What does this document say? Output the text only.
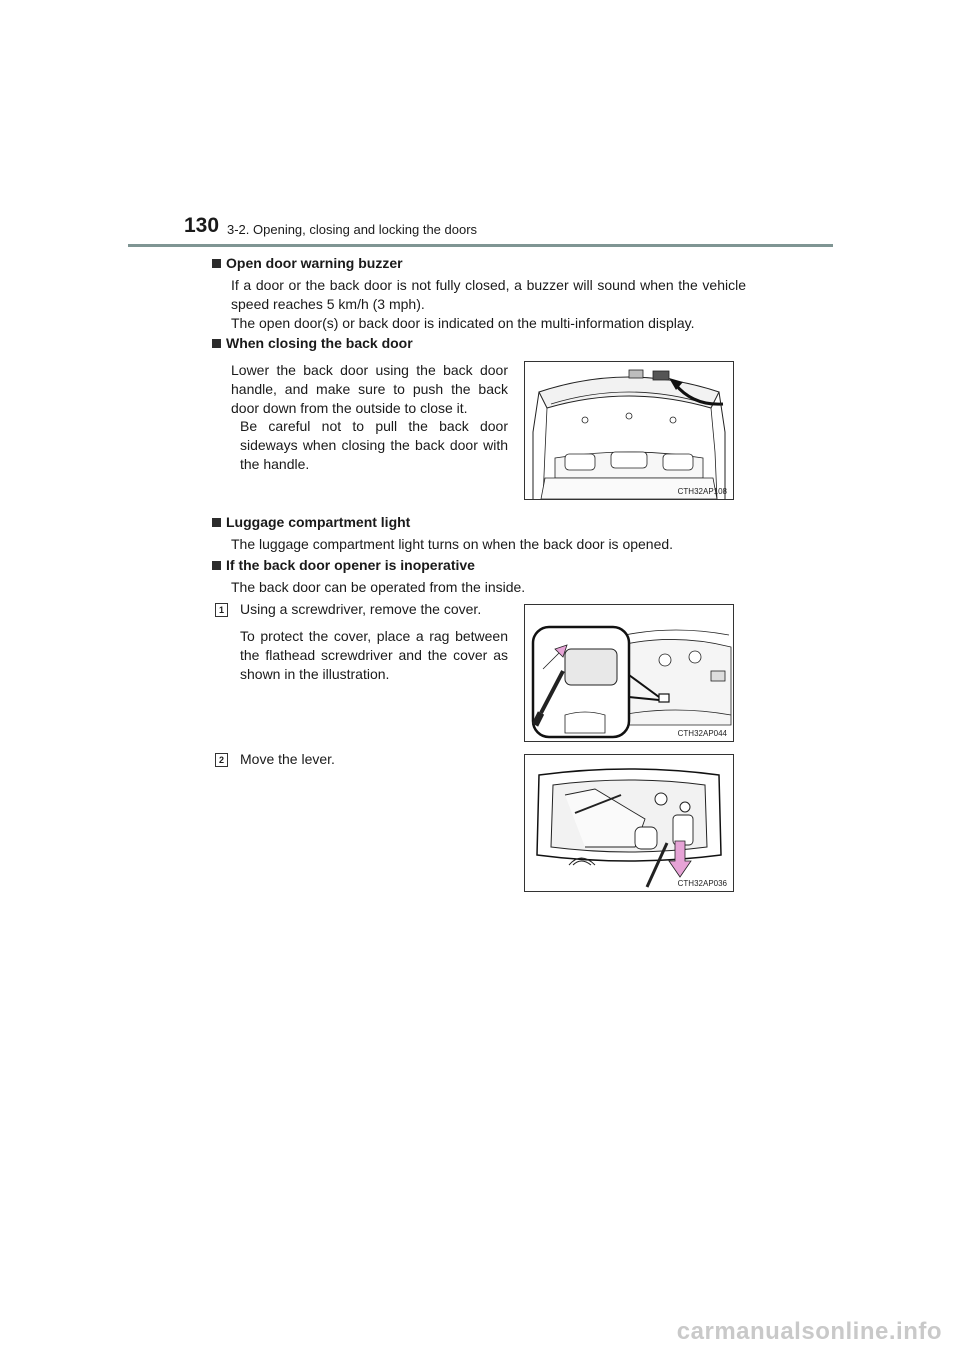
130 3-2. Opening, closing and locking the doors
Open door warning buzzer
If a door or the back door is not fully closed, a buzzer will sound when the vehicle speed reaches 5 km/h (3 mph).
The open door(s) or back door is indicated on the multi-information display.
When closing the back door
Lower the back door using the back door handle, and make sure to push the back door down from the outside to close it.
Be careful not to pull the back door sideways when closing the back door with the handle.
CTH32AP108
Luggage compartment light
The luggage compartment light turns on when the back door is opened.
If the back door opener is inoperative
The back door can be operated from the inside.
1 Using a screwdriver, remove the cover.
To protect the cover, place a rag between the flathead screwdriver and the cover as shown in the illustration.
CTH32AP044
2 Move the lever.
CTH32AP036
carmanualsonline.info
